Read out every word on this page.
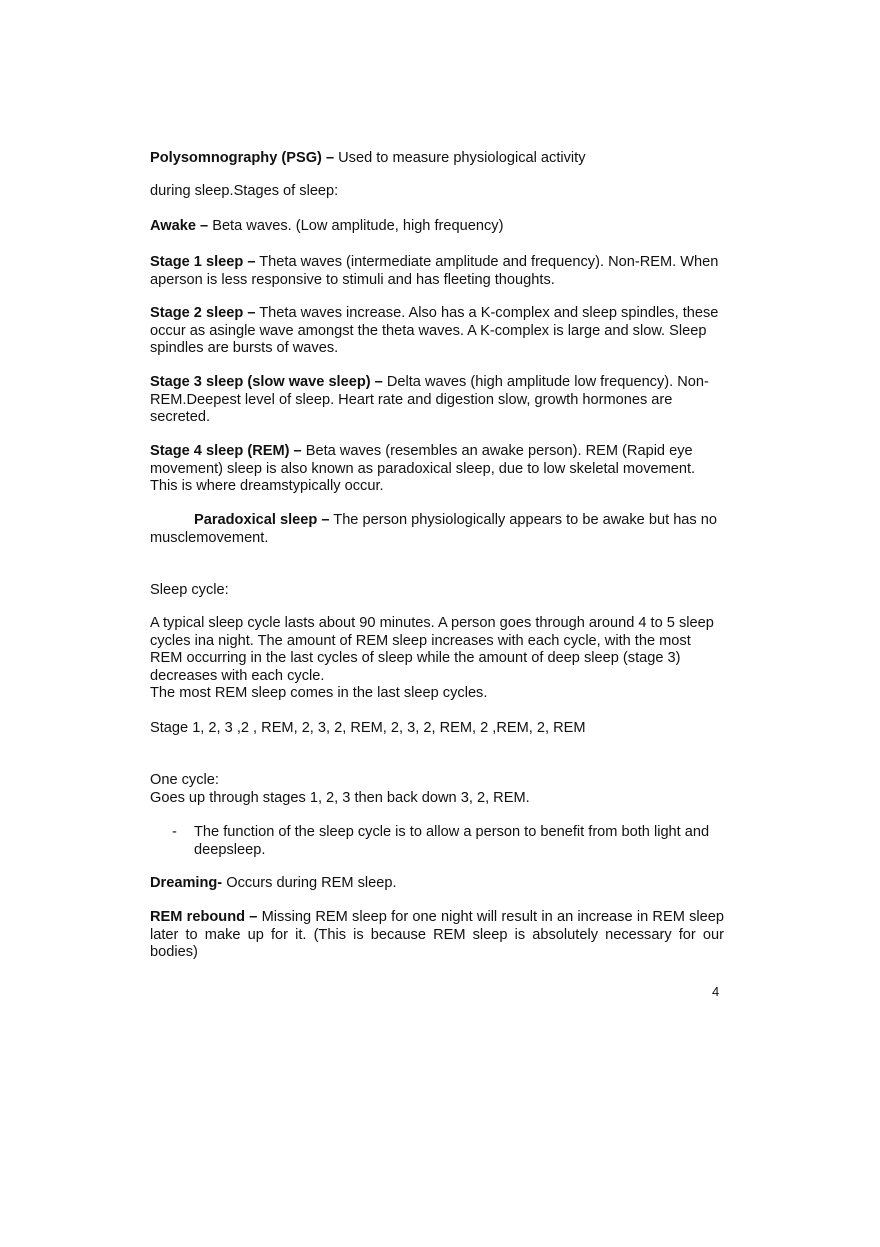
Polysomnography (PSG) – Used to measure physiological activity

during sleep.Stages of sleep:

Awake – Beta waves. (Low amplitude, high frequency)

Stage 1 sleep – Theta waves (intermediate amplitude and frequency). Non-REM. When aperson is less responsive to stimuli and has fleeting thoughts.

Stage 2 sleep – Theta waves increase. Also has a K-complex and sleep spindles, these occur as asingle wave amongst the theta waves. A K-complex is large and slow. Sleep spindles are bursts of waves.

Stage 3 sleep (slow wave sleep) – Delta waves (high amplitude low frequency). Non-REM.Deepest level of sleep. Heart rate and digestion slow, growth hormones are secreted.

Stage 4 sleep (REM) – Beta waves (resembles an awake person). REM (Rapid eye movement) sleep is also known as paradoxical sleep, due to low skeletal movement. This is where dreamstypically occur.

Paradoxical sleep – The person physiologically appears to be awake but has no musclemovement.

Sleep cycle:

A typical sleep cycle lasts about 90 minutes. A person goes through around 4 to 5 sleep cycles ina night. The amount of REM sleep increases with each cycle, with the most REM occurring in the last cycles of sleep while the amount of deep sleep (stage 3) decreases with each cycle.

The most REM sleep comes in the last sleep cycles.

Stage 1, 2, 3 ,2 , REM, 2, 3, 2, REM, 2, 3, 2, REM, 2 ,REM, 2, REM

One cycle:

Goes up through stages 1, 2, 3 then back down 3, 2, REM.

- The function of the sleep cycle is to allow a person to benefit from both light and deepsleep.

Dreaming- Occurs during REM sleep.

REM rebound – Missing REM sleep for one night will result in an increase in REM sleep later to make up for it. (This is because REM sleep is absolutely necessary for our bodies)

4
